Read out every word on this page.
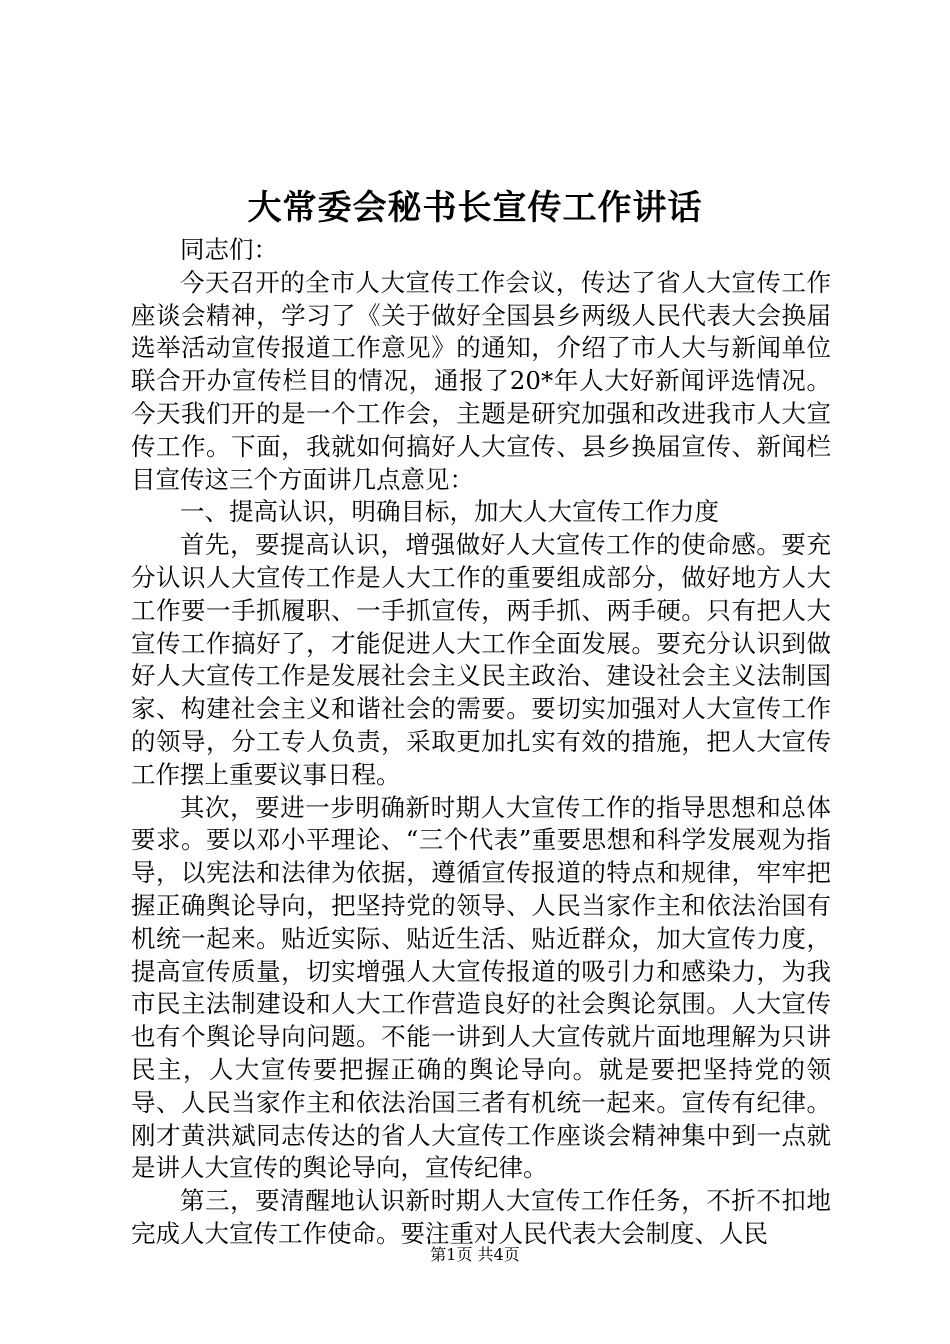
大常委会秘书长宣传工作讲话

同志们：

今天召开的全市人大宣传工作会议，传达了省人大宣传工作座谈会精神，学习了《关于做好全国县乡两级人民代表大会换届选举活动宣传报道工作意见》的通知，介绍了市人大与新闻单位联合开办宣传栏目的情况，通报了20*年人大好新闻评选情况。今天我们开的是一个工作会，主题是研究加强和改进我市人大宣传工作。下面，我就如何搞好人大宣传、县乡换届宣传、新闻栏目宣传这三个方面讲几点意见：

一、提高认识，明确目标，加大人大宣传工作力度

首先，要提高认识，增强做好人大宣传工作的使命感。要充分认识人大宣传工作是人大工作的重要组成部分，做好地方人大工作要一手抓履职、一手抓宣传，两手抓、两手硬。只有把人大宣传工作搞好了，才能促进人大工作全面发展。要充分认识到做好人大宣传工作是发展社会主义民主政治、建设社会主义法制国家、构建社会主义和谐社会的需要。要切实加强对人大宣传工作的领导，分工专人负责，采取更加扎实有效的措施，把人大宣传工作摆上重要议事日程。

其次，要进一步明确新时期人大宣传工作的指导思想和总体要求。要以邓小平理论、“三个代表”重要思想和科学发展观为指导，以宪法和法律为依据，遵循宣传报道的特点和规律，牢牢把握正确舆论导向，把坚持党的领导、人民当家作主和依法治国有机统一起来。贴近实际、贴近生活、贴近群众，加大宣传力度，提高宣传质量，切实增强人大宣传报道的吸引力和感染力，为我市民主法制建设和人大工作营造良好的社会舆论氛围。人大宣传也有个舆论导向问题。不能一讲到人大宣传就片面地理解为只讲民主，人大宣传要把握正确的舆论导向。就是要把坚持党的领导、人民当家作主和依法治国三者有机统一起来。宣传有纪律。刚才黄洪斌同志传达的省人大宣传工作座谈会精神集中到一点就是讲人大宣传的舆论导向，宣传纪律。

第三，要清醒地认识新时期人大宣传工作任务，不折不扣地完成人大宣传工作使命。要注重对人民代表大会制度、人民

第1页 共4页
